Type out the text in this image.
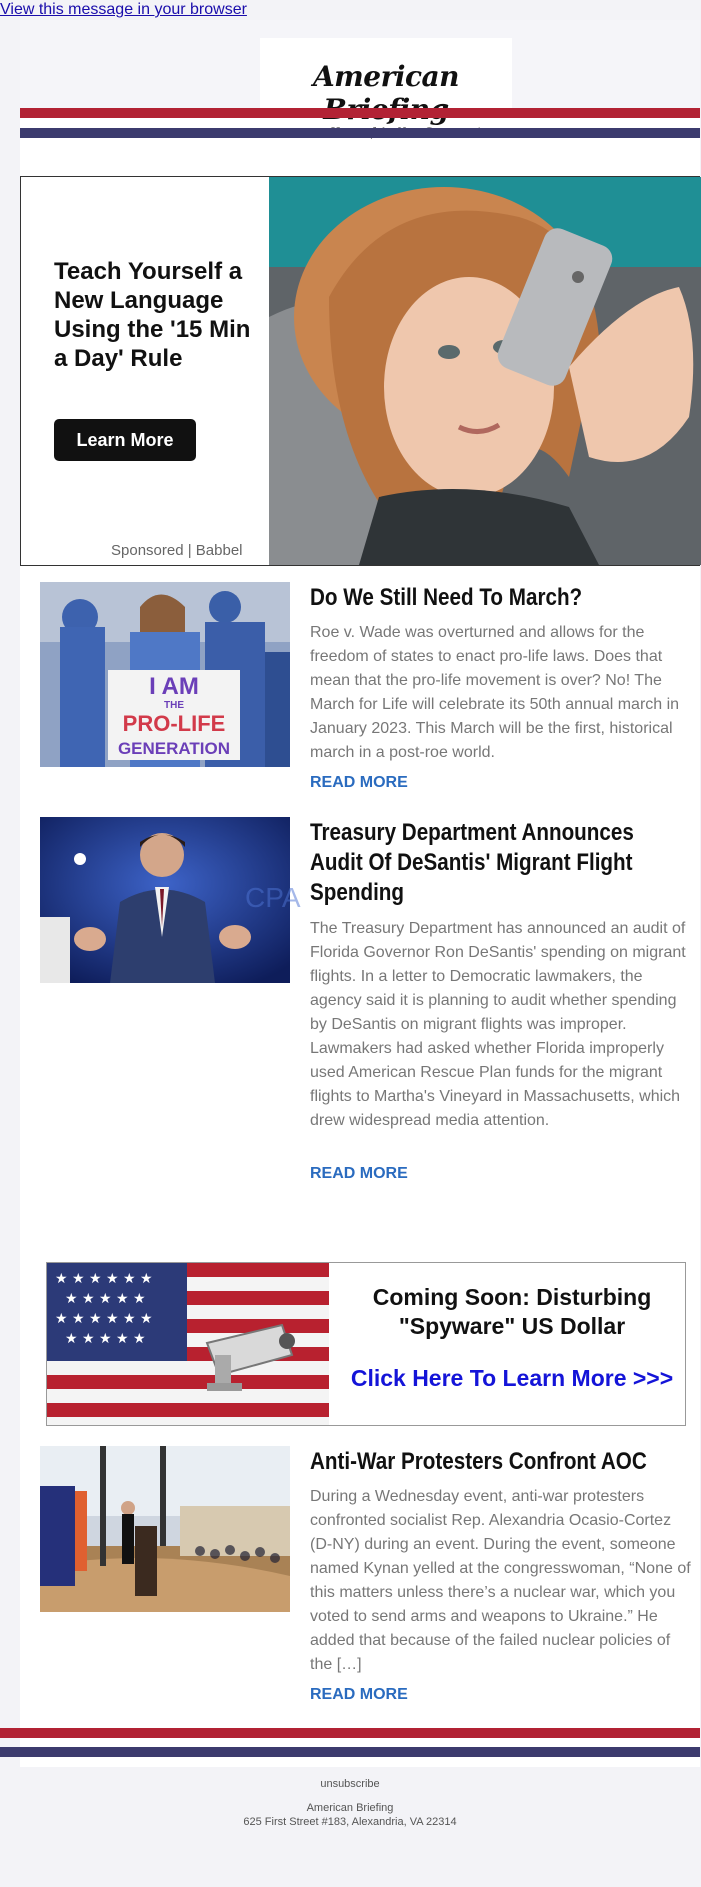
View this message in your browser
American
Teach Yourself a New Language Using the '15 Min a Day' Rule
Learn More
Sponsored | Babbel
I AM
THE
PRO-LIFE
GENERATION
Do We Still Need To March?
Roe v. Wade was overturned and allows for the freedom of states to enact pro-life laws. Does that mean that the pro-life movement is over? No! The March for Life will celebrate its 50th annual march in January 2023. This March will be the first, historical march in a post-roe world.
READ MORE
CPA
Treasury Department Announces Audit Of DeSantis' Migrant Flight Spending
The Treasury Department has announced an audit of Florida Governor Ron DeSantis' spending on migrant flights. In a letter to Democratic lawmakers, the agency said it is planning to audit whether spending by DeSantis on migrant flights was improper. Lawmakers had asked whether Florida improperly used American Rescue Plan funds for the migrant flights to Martha's Vineyard in Massachusetts, which drew widespread media attention.
READ MORE
★ ★ ★ ★ ★ ★
★ ★ ★ ★ ★
★ ★ ★ ★ ★ ★
★ ★ ★ ★ ★
Coming Soon: Disturbing "Spyware" US Dollar
Click Here To Learn More >>>
Anti-War Protesters Confront AOC
During a Wednesday event, anti-war protesters confronted socialist Rep. Alexandria Ocasio-Cortez (D-NY) during an event. During the event, someone named Kynan yelled at the congresswoman, “None of this matters unless there’s a nuclear war, which you voted to send arms and weapons to Ukraine.” He added that because of the failed nuclear policies of the […]
READ MORE
unsubscribe
American Briefing
625 First Street #183, Alexandria, VA 22314
